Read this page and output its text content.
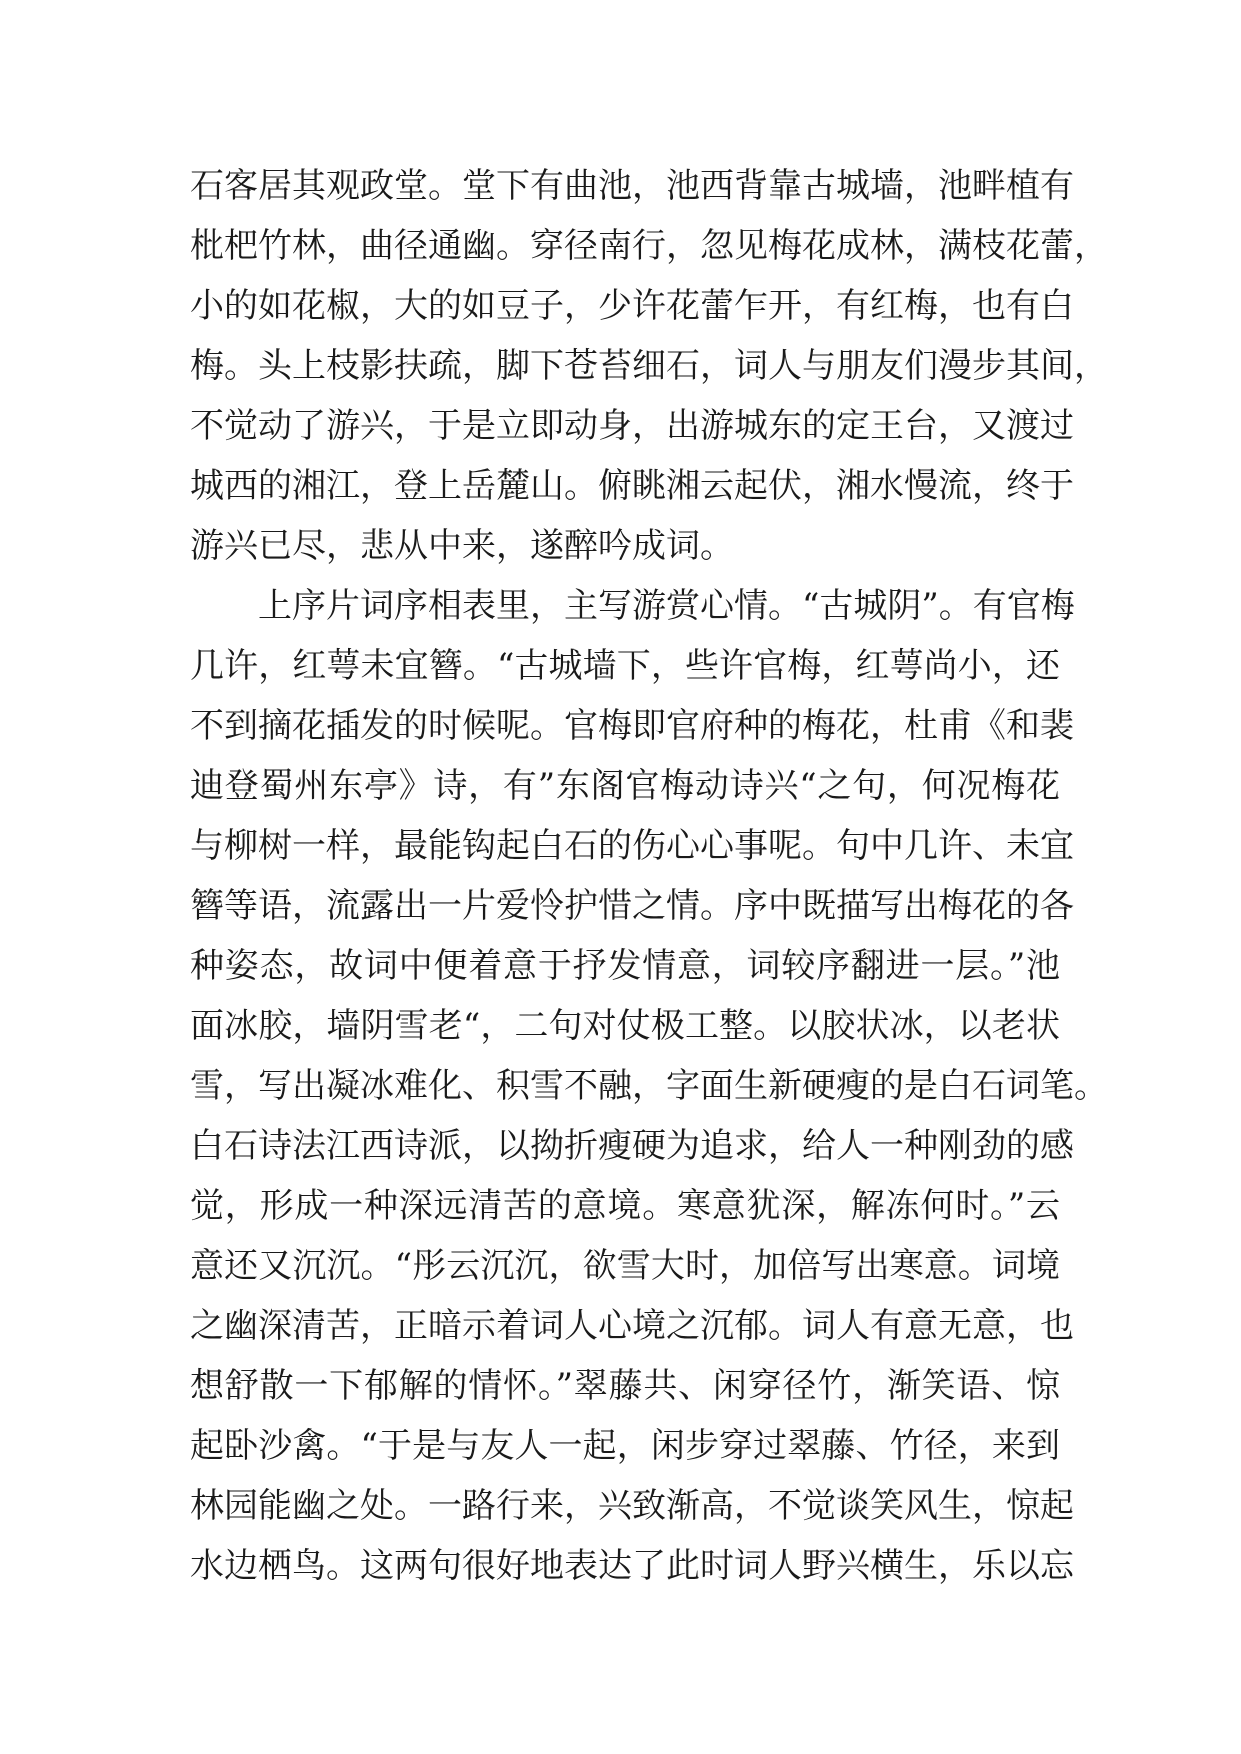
石客居其观政堂。堂下有曲池，池西背靠古城墙，池畔植有
枇杷竹林，曲径通幽。穿径南行，忽见梅花成林，满枝花蕾，
小的如花椒，大的如豆子，少许花蕾乍开，有红梅，也有白
梅。头上枝影扶疏，脚下苍苔细石，词人与朋友们漫步其间，
不觉动了游兴，于是立即动身，出游城东的定王台，又渡过
城西的湘江，登上岳麓山。俯眺湘云起伏，湘水慢流，终于
游兴已尽，悲从中来，遂醉吟成词。
上序片词序相表里，主写游赏心情。“古城阴”。有官梅
几许，红萼未宜簪。“古城墙下，些许官梅，红萼尚小，还
不到摘花插发的时候呢。官梅即官府种的梅花，杜甫《和裴
迪登蜀州东亭》诗，有”东阁官梅动诗兴“之句，何况梅花
与柳树一样，最能钩起白石的伤心心事呢。句中几许、未宜
簪等语，流露出一片爱怜护惜之情。序中既描写出梅花的各
种姿态，故词中便着意于抒发情意，词较序翻进一层。”池
面冰胶，墙阴雪老“，二句对仗极工整。以胶状冰，以老状
雪，写出凝冰难化、积雪不融，字面生新硬瘦的是白石词笔。
白石诗法江西诗派，以拗折瘦硬为追求，给人一种刚劲的感
觉，形成一种深远清苦的意境。寒意犹深，解冻何时。”云
意还又沉沉。“彤云沉沉，欲雪大时，加倍写出寒意。词境
之幽深清苦，正暗示着词人心境之沉郁。词人有意无意，也
想舒散一下郁解的情怀。”翠藤共、闲穿径竹，渐笑语、惊
起卧沙禽。“于是与友人一起，闲步穿过翠藤、竹径，来到
林园能幽之处。一路行来，兴致渐高，不觉谈笑风生，惊起
水边栖鸟。这两句很好地表达了此时词人野兴横生，乐以忘
